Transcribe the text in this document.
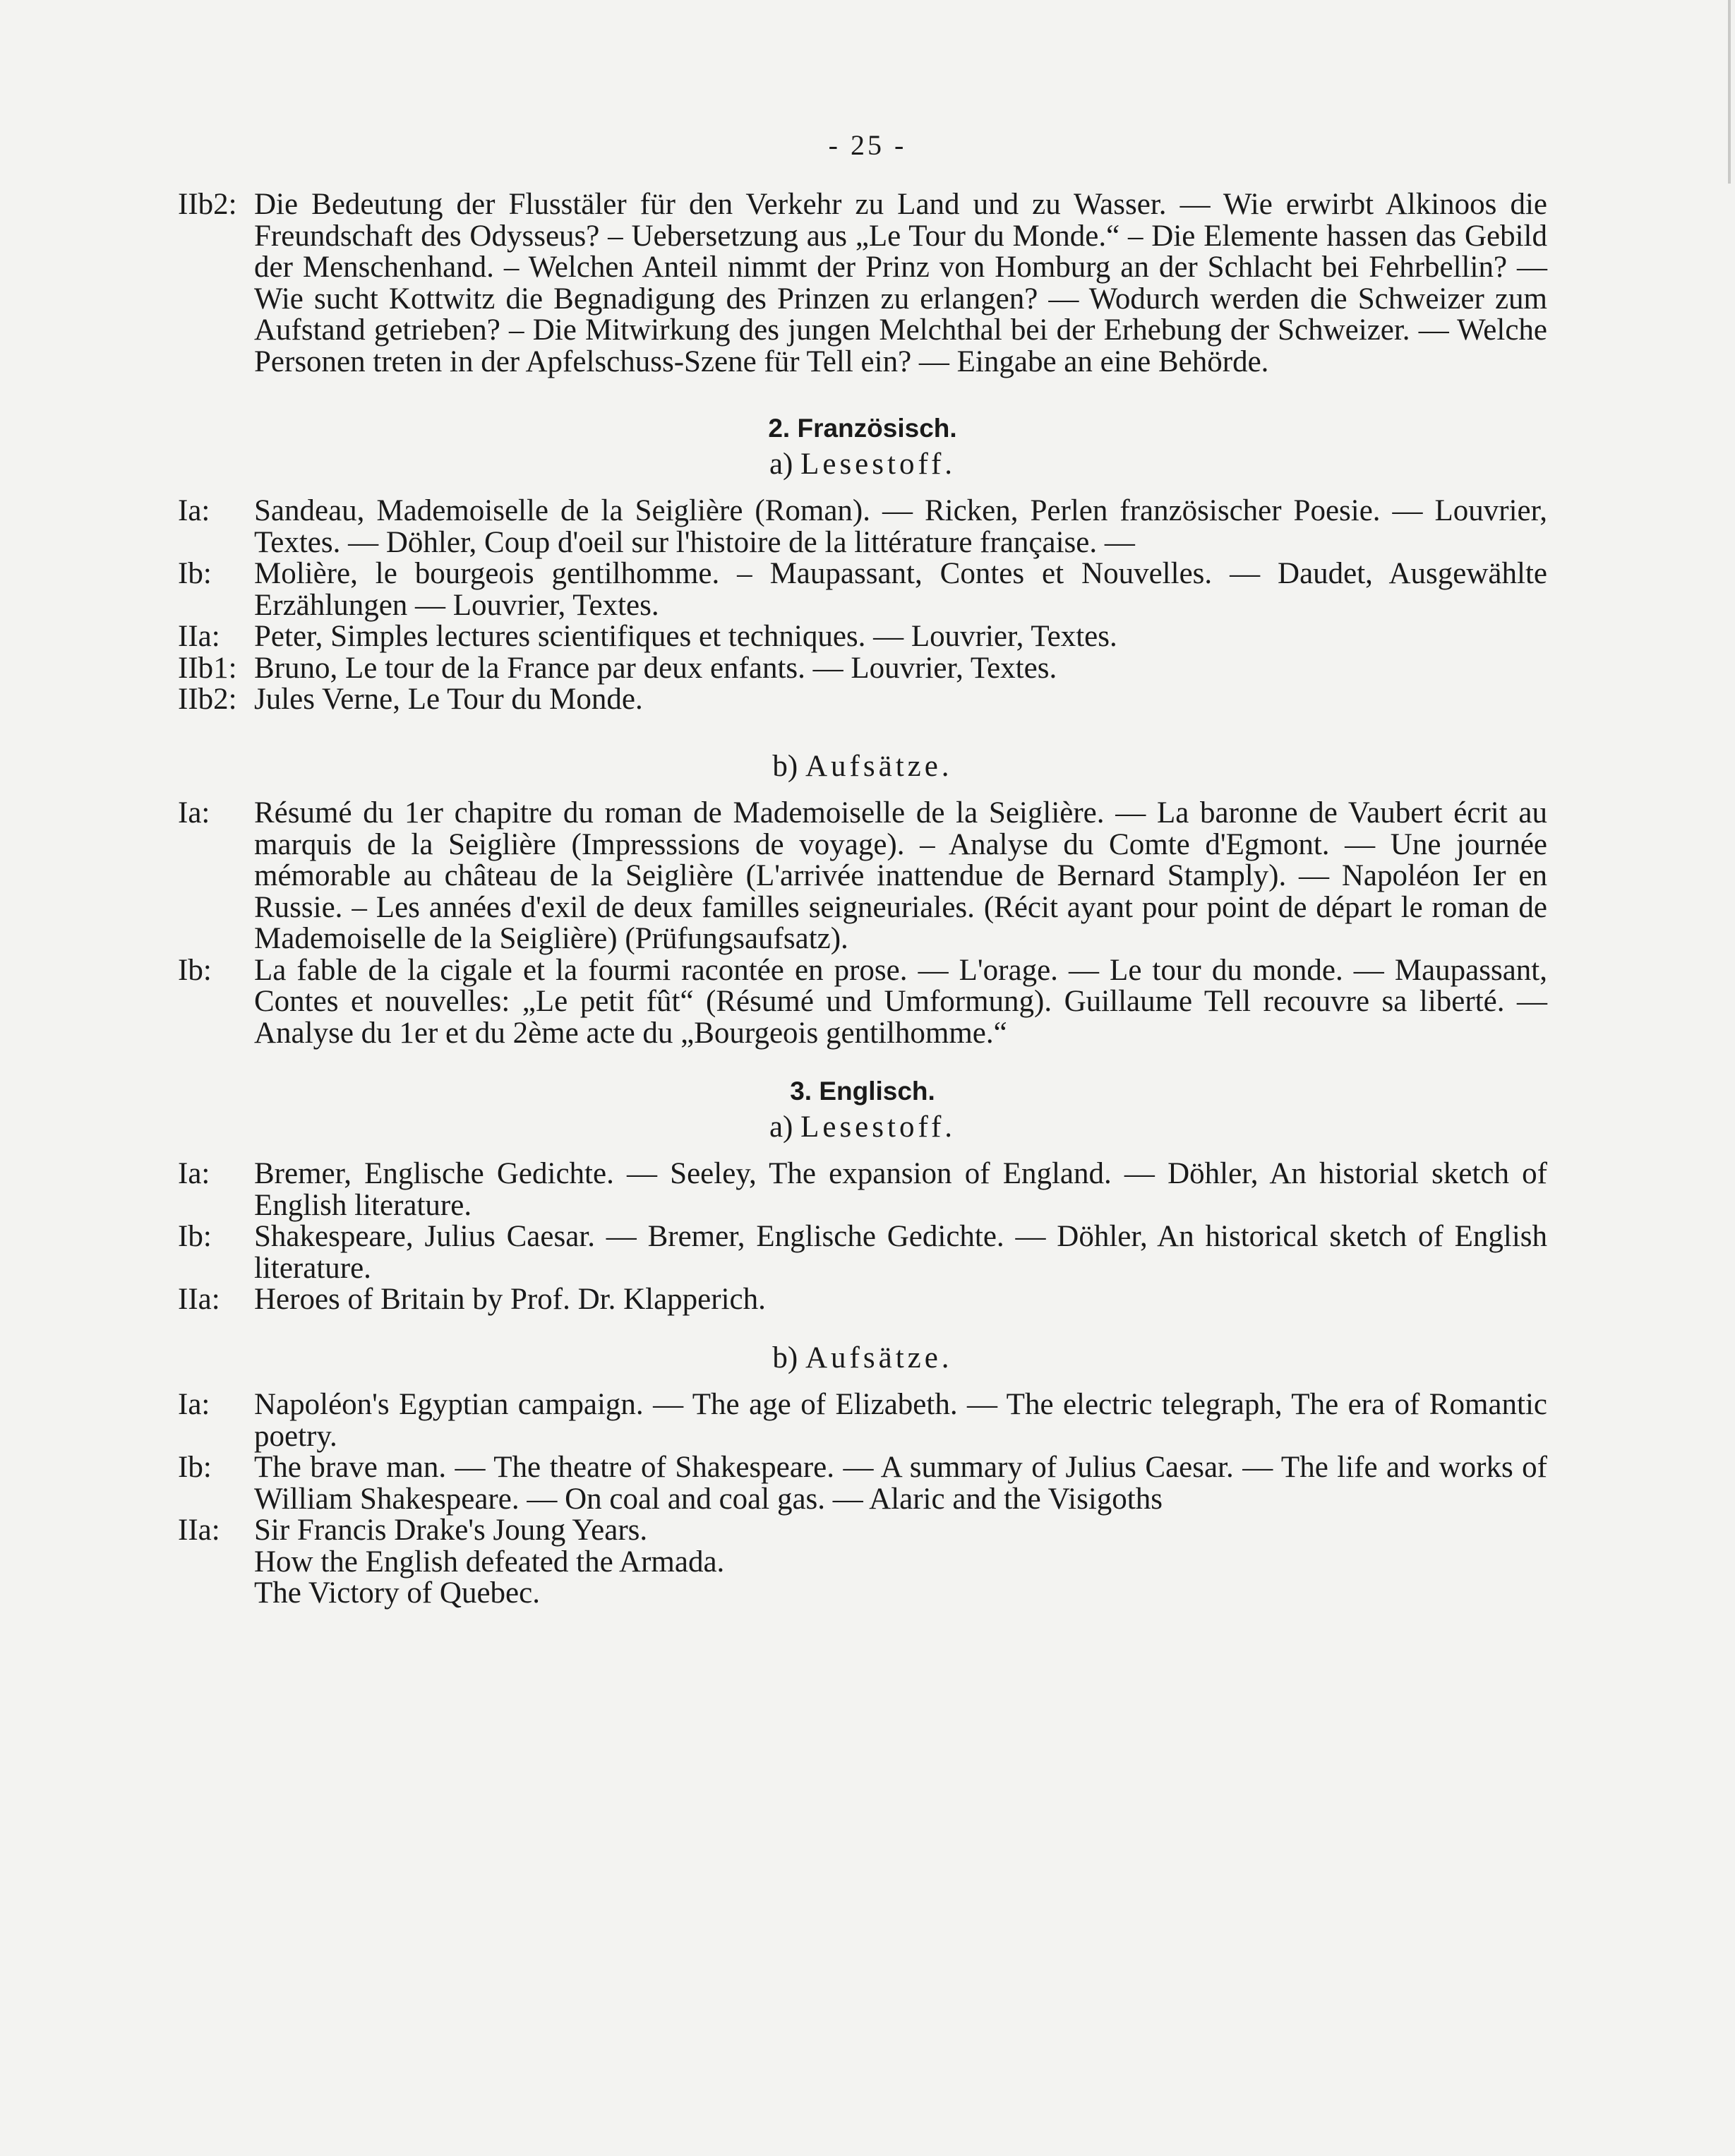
- 25 -
IIb2: Die Bedeutung der Flusstäler für den Verkehr zu Land und zu Wasser. — Wie erwirbt Alkinoos die Freundschaft des Odysseus? – Uebersetzung aus „Le Tour du Monde.“ – Die Elemente hassen das Gebild der Menschenhand. – Welchen Anteil nimmt der Prinz von Homburg an der Schlacht bei Fehrbellin? — Wie sucht Kottwitz die Begnadigung des Prinzen zu erlangen? — Wodurch werden die Schweizer zum Aufstand getrieben? – Die Mitwirkung des jungen Melchthal bei der Erhebung der Schweizer. — Welche Personen treten in der Apfelschuss-Szene für Tell ein? — Eingabe an eine Behörde.
2. Französisch.
a) Lesestoff.
Ia:	Sandeau, Mademoiselle de la Seiglière (Roman). — Ricken, Perlen französischer Poesie. — Louvrier, Textes. — Döhler, Coup d'oeil sur l'histoire de la littérature française. —
Ib:	Molière, le bourgeois gentilhomme. – Maupassant, Contes et Nouvelles. — Daudet, Ausgewählte Erzählungen — Louvrier, Textes.
IIa:	Peter, Simples lectures scientifiques et techniques. — Louvrier, Textes.
IIb1: Bruno, Le tour de la France par deux enfants. — Louvrier, Textes.
IIb2: Jules Verne, Le Tour du Monde.
b) Aufsätze.
Ia:	Résumé du 1er chapitre du roman de Mademoiselle de la Seiglière. — La baronne de Vaubert écrit au marquis de la Seiglière (Impresssions de voyage). – Analyse du Comte d'Egmont. — Une journée mémorable au château de la Seiglière (L'arrivée inattendue de Bernard Stamply). — Napoléon Ier en Russie. – Les années d'exil de deux familles seigneuriales. (Récit ayant pour point de départ le roman de Mademoiselle de la Seiglière) (Prüfungsaufsatz).
Ib:	La fable de la cigale et la fourmi racontée en prose. — L'orage. — Le tour du monde. — Maupassant, Contes et nouvelles: „Le petit fût“ (Résumé und Umformung). Guillaume Tell recouvre sa liberté. — Analyse du 1er et du 2ème acte du „Bourgeois gentilhomme.“
3. Englisch.
a) Lesestoff.
Ia:	Bremer, Englische Gedichte. — Seeley, The expansion of England. — Döhler, An historial sketch of English literature.
Ib:	Shakespeare, Julius Caesar. — Bremer, Englische Gedichte. — Döhler, An historical sketch of English literature.
IIa:	Heroes of Britain by Prof. Dr. Klapperich.
b) Aufsätze.
Ia:	Napoléon's Egyptian campaign. — The age of Elizabeth. — The electric telegraph, The era of Romantic poetry.
Ib:	The brave man. — The theatre of Shakespeare. — A summary of Julius Caesar. — The life and works of William Shakespeare. — On coal and coal gas. — Alaric and the Visigoths
IIa:	Sir Francis Drake's Joung Years.
How the English defeated the Armada.
The Victory of Quebec.
